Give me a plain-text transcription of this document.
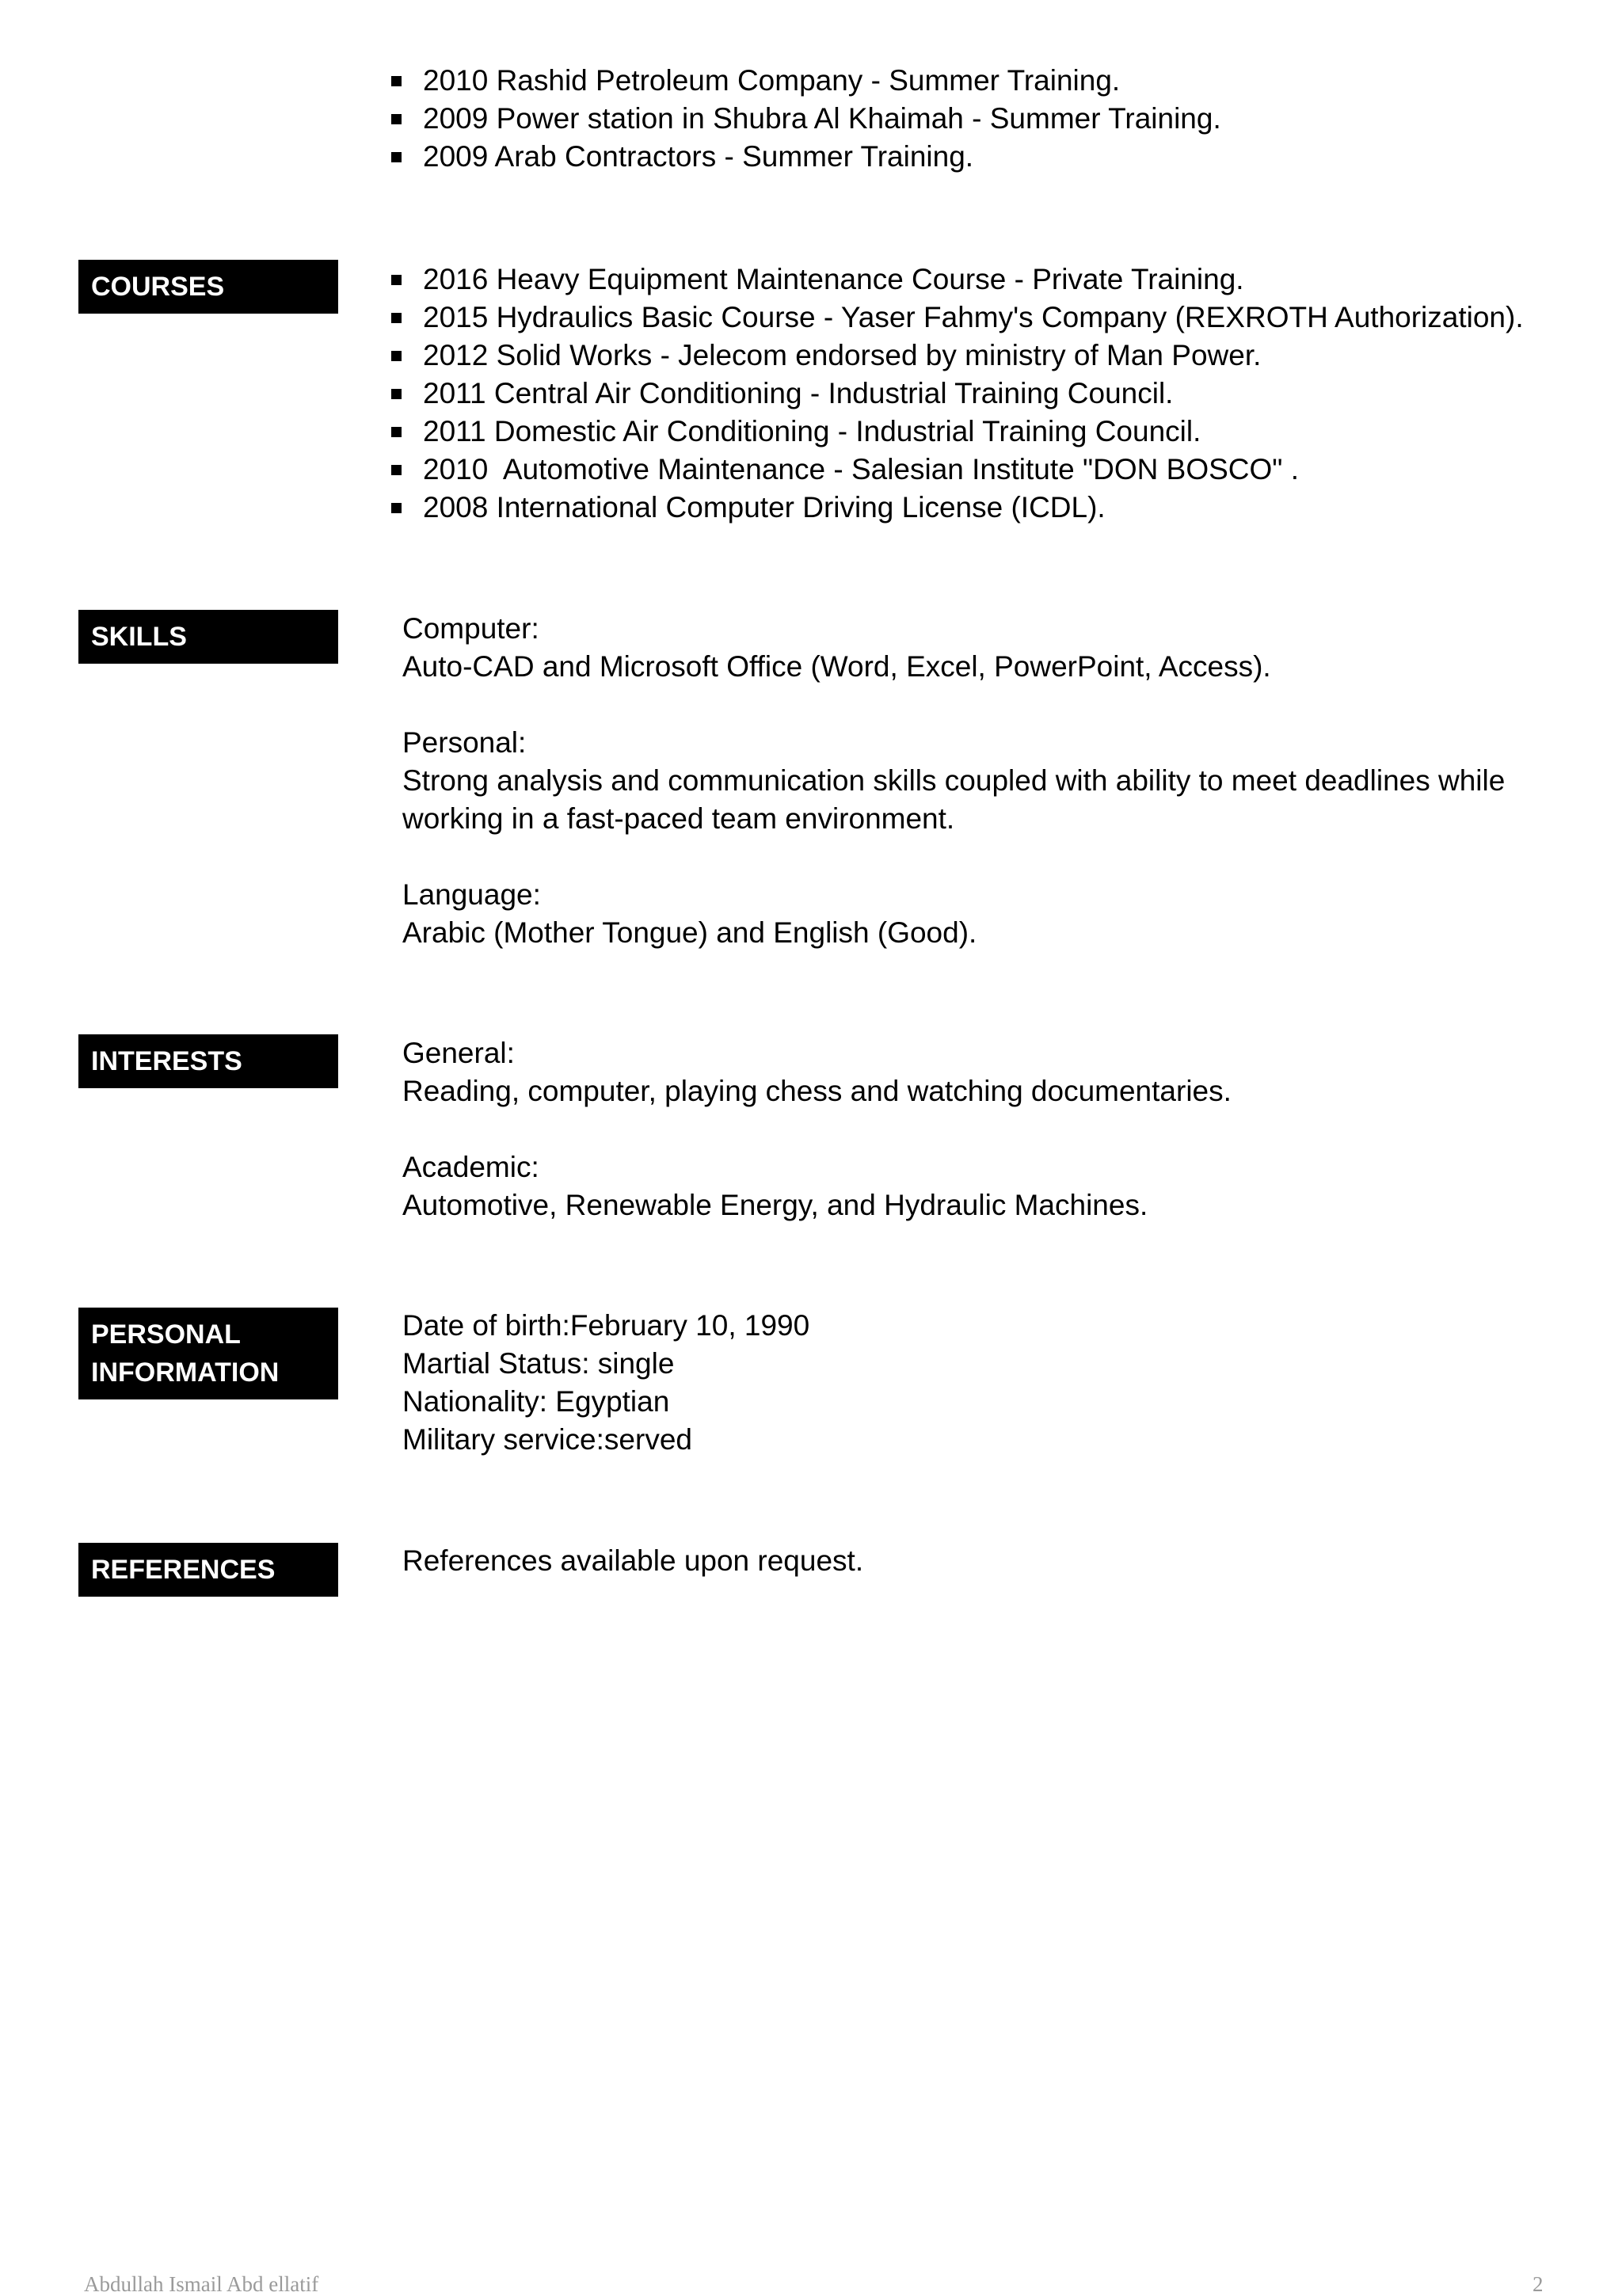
2010 Rashid Petroleum Company - Summer Training.
2009 Power station in Shubra Al Khaimah - Summer Training.
2009 Arab Contractors - Summer Training.
COURSES	2016 Heavy Equipment Maintenance Course - Private Training.
2015 Hydraulics Basic Course - Yaser Fahmy's Company (REXROTH Authorization).
2012 Solid Works - Jelecom endorsed by ministry of Man Power.
2011 Central Air Conditioning - Industrial Training Council.
2011 Domestic Air Conditioning - Industrial Training Council.
2010  Automotive Maintenance - Salesian Institute "DON BOSCO" .
2008 International Computer Driving License (ICDL).
SKILLS	Computer:
Auto-CAD and Microsoft Office (Word, Excel, PowerPoint, Access).
Personal:
Strong analysis and communication skills coupled with ability to meet deadlines while
working in a fast-paced team environment.
Language:
Arabic (Mother Tongue) and English (Good).
INTERESTS	General:
Reading, computer, playing chess and watching documentaries.
Academic:
Automotive, Renewable Energy, and Hydraulic Machines.
PERSONAL
INFORMATION
Date of birth:February 10, 1990
Martial Status: single
Nationality: Egyptian
Military service:served
REFERENCES	References available upon request.
Abdullah Ismail Abd ellatif	2
